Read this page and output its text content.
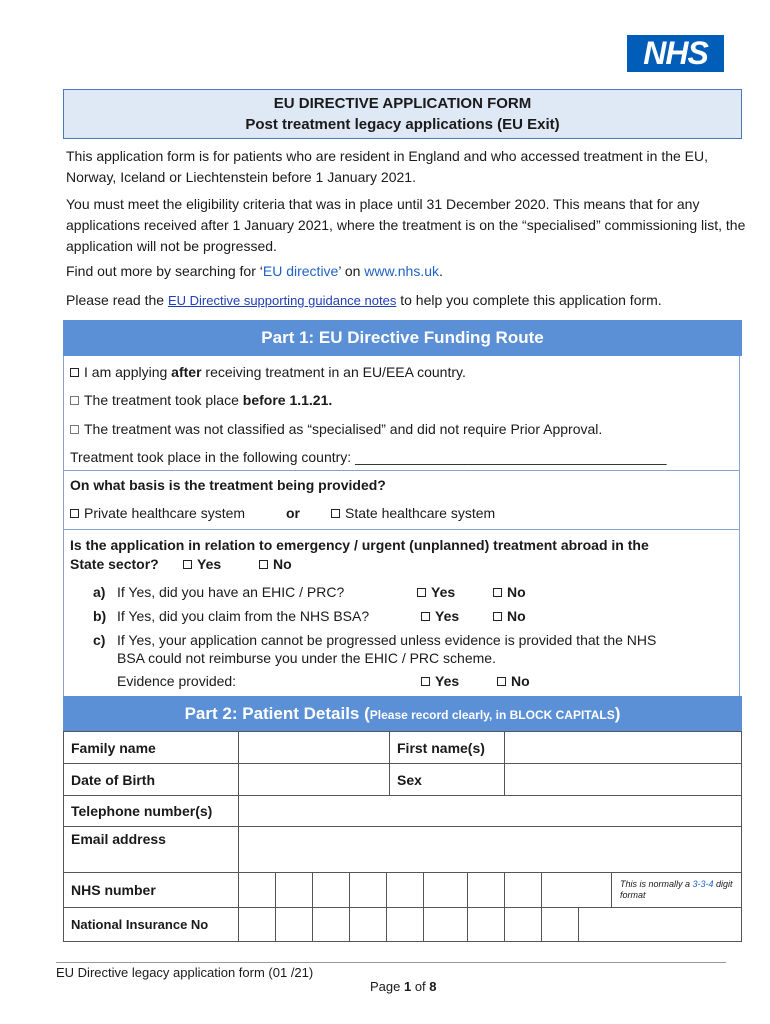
NHS
EU DIRECTIVE APPLICATION FORM
Post treatment legacy applications (EU Exit)
This application form is for patients who are resident in England and who accessed treatment in the EU, Norway, Iceland or Liechtenstein before 1 January 2021.
You must meet the eligibility criteria that was in place until 31 December 2020. This means that for any applications received after 1 January 2021, where the treatment is on the “specialised” commissioning list, the application will not be progressed.
Find out more by searching for ‘EU directive’ on www.nhs.uk.
Please read the EU Directive supporting guidance notes to help you complete this application form.
Part 1: EU Directive Funding Route
I am applying after receiving treatment in an EU/EEA country.
The treatment took place before 1.1.21.
The treatment was not classified as “specialised” and did not require Prior Approval.
Treatment took place in the following country: ________________________________________
On what basis is the treatment being provided?
Private healthcare system	or	State healthcare system
Is the application in relation to emergency / urgent (unplanned) treatment abroad in the
State sector?	Yes	No
a) If Yes, did you have an EHIC / PRC?	Yes	No
b) If Yes, did you claim from the NHS BSA?	Yes	No
c) If Yes, your application cannot be progressed unless evidence is provided that the NHS
BSA could not reimburse you under the EHIC / PRC scheme.
Evidence provided:	Yes	No
Part 2: Patient Details (Please record clearly, in BLOCK CAPITALS)
Family name		First name(s)	
Date of Birth		Sex	
Telephone number(s)			
Email address			
NHS number	This is normally a 3-3-4 digit format		

National Insurance No			
EU Directive legacy application form (01 /21)
Page 1 of 8
